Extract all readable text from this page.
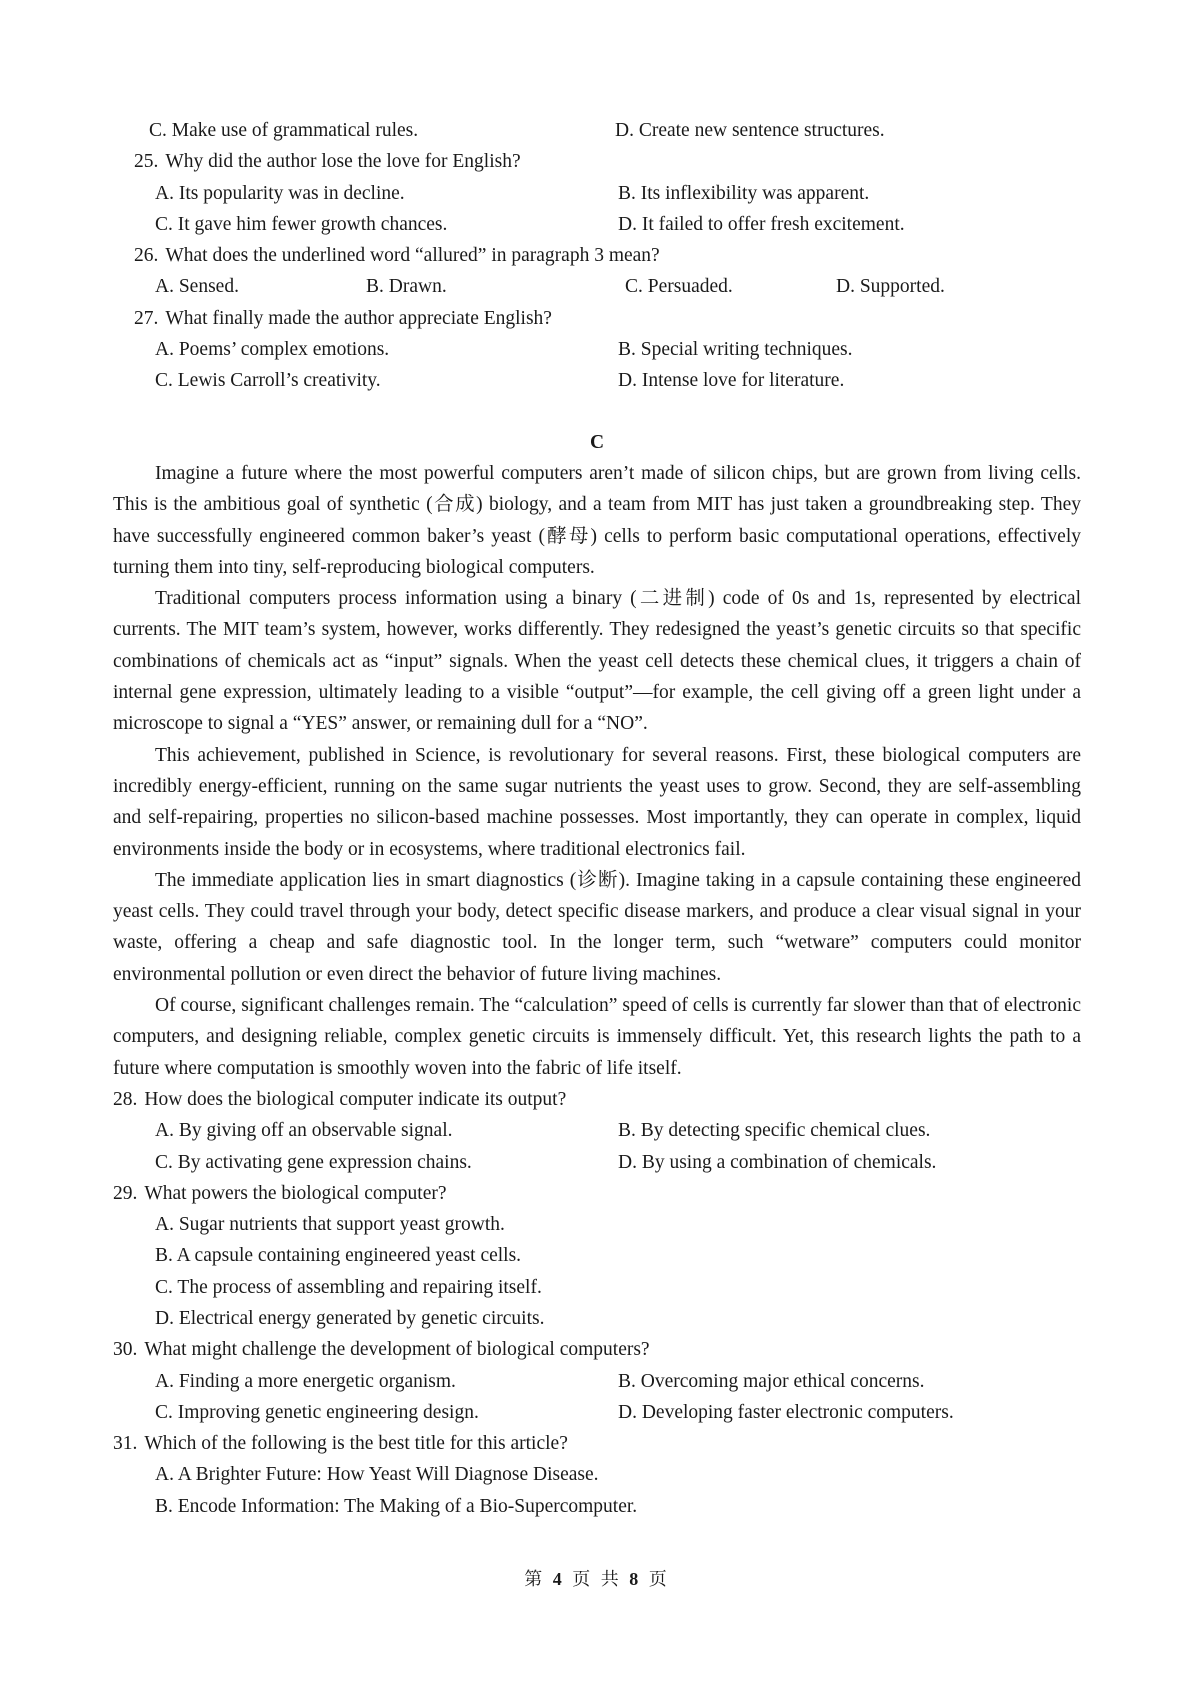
C. Make use of grammatical rules.	D. Create new sentence structures.
25. Why did the author lose the love for English?
A. Its popularity was in decline.	B. Its inflexibility was apparent.
C. It gave him fewer growth chances.	D. It failed to offer fresh excitement.
26. What does the underlined word “allured” in paragraph 3 mean?
A. Sensed.	B. Drawn.	C. Persuaded.	D. Supported.
27. What finally made the author appreciate English?
A. Poems’ complex emotions.	B. Special writing techniques.
C. Lewis Carroll’s creativity.	D. Intense love for literature.
C

Imagine a future where the most powerful computers aren’t made of silicon chips, but are grown from living cells. This is the ambitious goal of synthetic (合成) biology, and a team from MIT has just taken a groundbreaking step. They have successfully engineered common baker’s yeast (酵母) cells to perform basic computational operations, effectively turning them into tiny, self-reproducing biological computers.

Traditional computers process information using a binary (二进制) code of 0s and 1s, represented by electrical currents. The MIT team’s system, however, works differently. They redesigned the yeast’s genetic circuits so that specific combinations of chemicals act as “input” signals. When the yeast cell detects these chemical clues, it triggers a chain of internal gene expression, ultimately leading to a visible “output”—for example, the cell giving off a green light under a microscope to signal a “YES” answer, or remaining dull for a “NO”.

This achievement, published in Science, is revolutionary for several reasons. First, these biological computers are incredibly energy-efficient, running on the same sugar nutrients the yeast uses to grow. Second, they are self-assembling and self-repairing, properties no silicon-based machine possesses. Most importantly, they can operate in complex, liquid environments inside the body or in ecosystems, where traditional electronics fail.

The immediate application lies in smart diagnostics (诊断). Imagine taking in a capsule containing these engineered yeast cells. They could travel through your body, detect specific disease markers, and produce a clear visual signal in your waste, offering a cheap and safe diagnostic tool. In the longer term, such “wetware” computers could monitor environmental pollution or even direct the behavior of future living machines.

Of course, significant challenges remain. The “calculation” speed of cells is currently far slower than that of electronic computers, and designing reliable, complex genetic circuits is immensely difficult. Yet, this research lights the path to a future where computation is smoothly woven into the fabric of life itself.

28. How does the biological computer indicate its output?
A. By giving off an observable signal.	B. By detecting specific chemical clues.
C. By activating gene expression chains.	D. By using a combination of chemicals.
29. What powers the biological computer?
A. Sugar nutrients that support yeast growth.
B. A capsule containing engineered yeast cells.
C. The process of assembling and repairing itself.
D. Electrical energy generated by genetic circuits.
30. What might challenge the development of biological computers?
A. Finding a more energetic organism.	B. Overcoming major ethical concerns.
C. Improving genetic engineering design.	D. Developing faster electronic computers.
31. Which of the following is the best title for this article?
A. A Brighter Future: How Yeast Will Diagnose Disease.
B. Encode Information: The Making of a Bio-Supercomputer.
第 4 页 共 8 页
